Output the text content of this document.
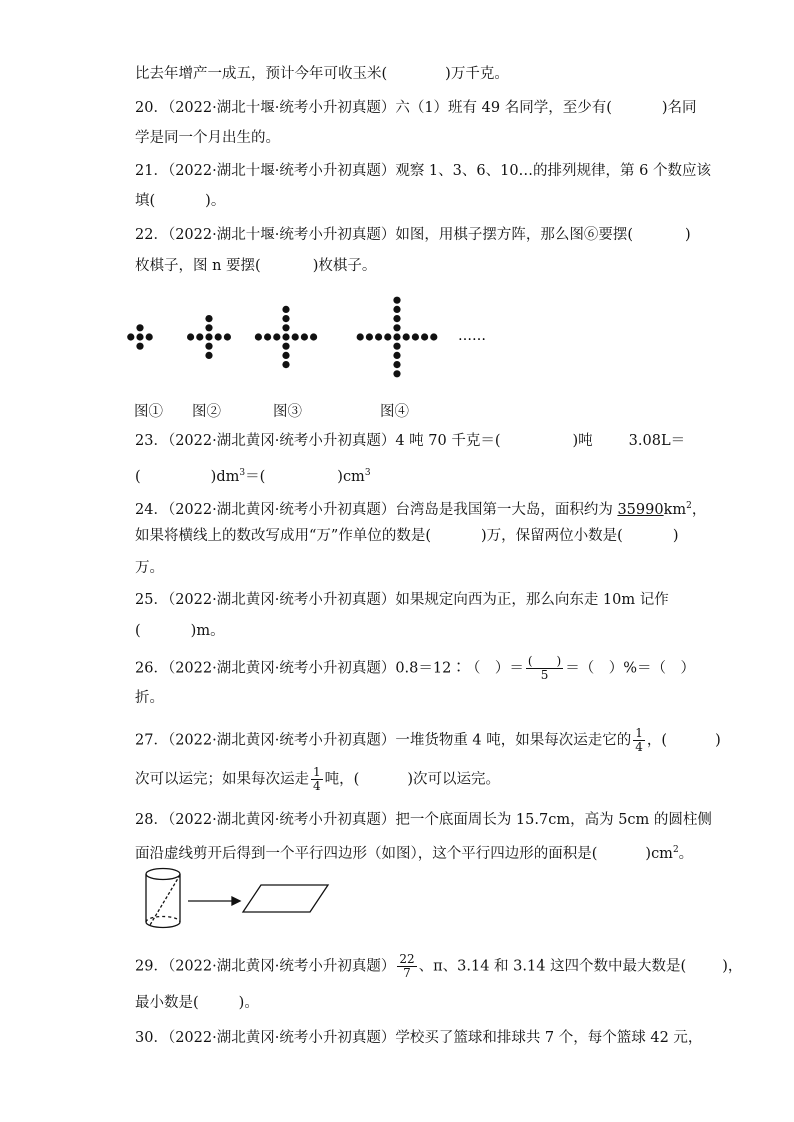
比去年增产一成五，预计今年可收玉米(	)万千克。
20．（2022·湖北十堰·统考小升初真题）六（1）班有 49 名同学，至少有(	)名同
学是同一个月出生的。
21．（2022·湖北十堰·统考小升初真题）观察 1、3、6、10…的排列规律，第 6 个数应该
填(	)。
22．（2022·湖北十堰·统考小升初真题）如图，用棋子摆方阵，那么图⑥要摆(	)
枚棋子，图 n 要摆(	)枚棋子。
……
图① 图②	图③	图④
23．（2022·湖北黄冈·统考小升初真题）4 吨 70 千克＝(	)吨 3.08L＝
(	)$dm^3=$(	)$cm^3$
24．（2022·湖北黄冈·统考小升初真题）台湾岛是我国第一大岛，面积约为 $35990km^2$，
如果将横线上的数改写成用“万”作单位的数是(	)万，保留两位小数是(	)
万。
25．（2022·湖北黄冈·统考小升初真题）如果规定向西为正，那么向东走 10m 记作
(	)m。
26．（2022·湖北黄冈·统考小升初真题）0.8＝12∶（　）＝ $\frac{( )}{5}$ ＝（　）%＝（　）
折。
27．（2022·湖北黄冈·统考小升初真题）一堆货物重 4 吨，如果每次运走它的 $\frac{1}{4}$ ，(	)
次可以运完；如果每次运走 $\frac{1}{4}$ 吨，(	)次可以运完。
28．（2022·湖北黄冈·统考小升初真题）把一个底面周长为 15.7cm，高为 5cm 的圆柱侧
面沿虚线剪开后得到一个平行四边形（如图），这个平行四边形的面积是(	)$cm^2$。
29．（2022·湖北黄冈·统考小升初真题） $\frac{22}{7}$ 、π、3.14 和 3.14̇ 这四个数中最大数是( )，
最小数是(	)。
30．（2022·湖北黄冈·统考小升初真题）学校买了篮球和排球共 7 个，每个篮球 42 元，
